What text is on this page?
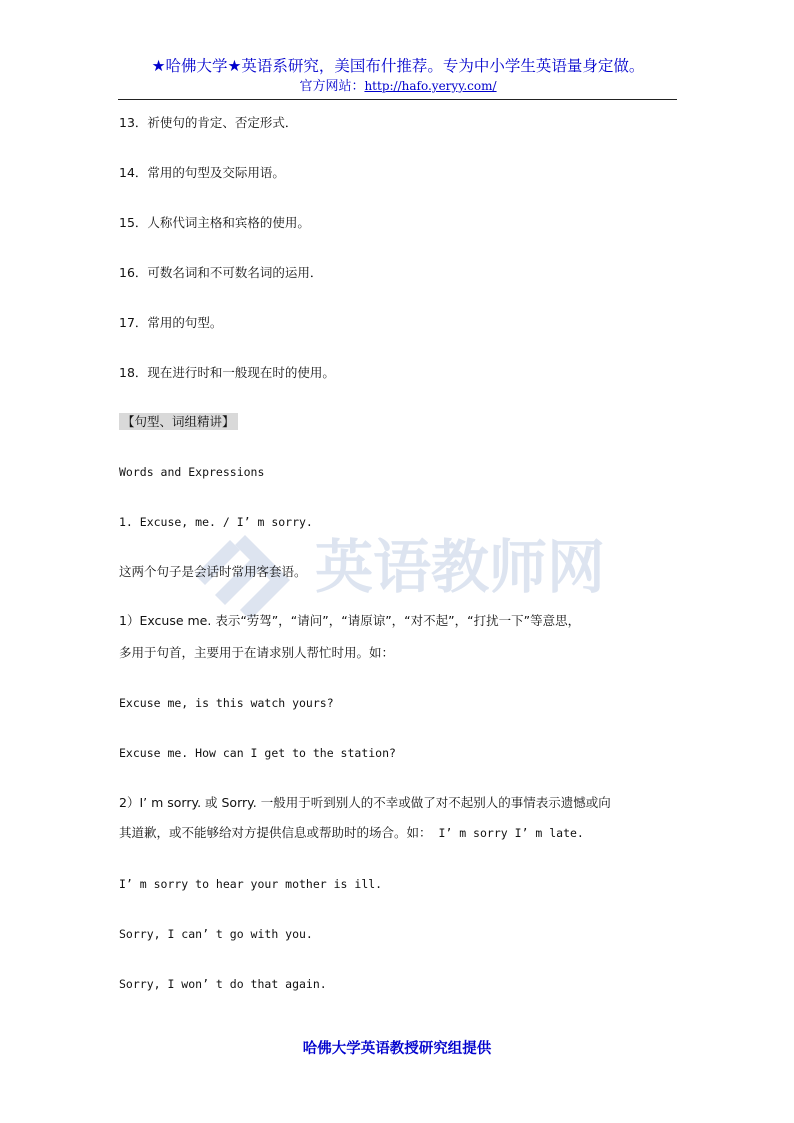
★哈佛大学★英语系研究，美国布什推荐。专为中小学生英语量身定做。
官方网站：http://hafo.yeryy.com/
英语教师网
13．祈使句的肯定、否定形式．
14．常用的句型及交际用语。
15．人称代词主格和宾格的使用。
16．可数名词和不可数名词的运用．
17．常用的句型。
18．现在进行时和一般现在时的使用。
【句型、词组精讲】
Words and Expressions
1. Excuse, me. / I’ m sorry.
这两个句子是会话时常用客套语。
1）Excuse me. 表示“劳驾”，“请问”，“请原谅”，“对不起”，“打扰一下”等意思，
多用于句首，主要用于在请求别人帮忙时用。如：
Excuse me, is this watch yours?
Excuse me. How can I get to the station?
2）I’ m sorry. 或 Sorry. 一般用于听到别人的不幸或做了对不起别人的事情表示遗憾或向
其道歉，或不能够给对方提供信息或帮助时的场合。如： I’ m sorry I’ m late.
I’ m sorry to hear your mother is ill.
Sorry, I can’ t go with you.
Sorry, I won’ t do that again.
哈佛大学英语教授研究组提供
